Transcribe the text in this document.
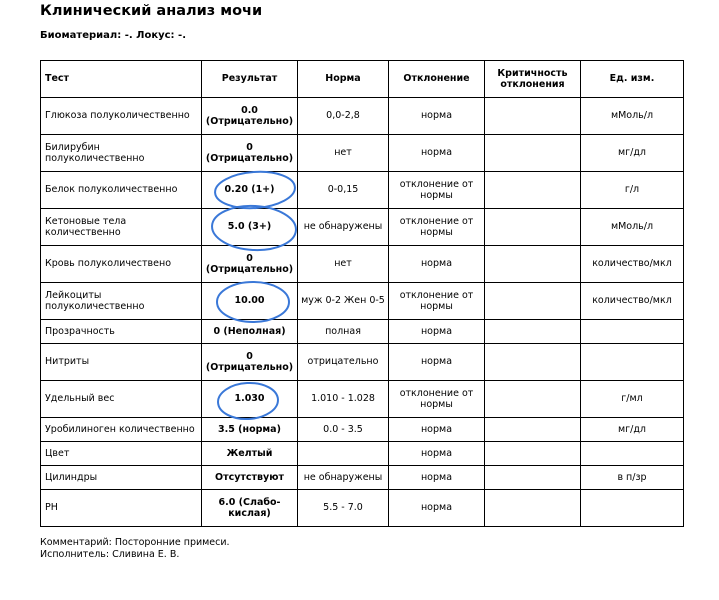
Клинический анализ мочи
Биоматериал: -. Локус: -.
Тест	Результат	Норма	Отклонение	Критичность отклонения	Ед. изм.
Глюкоза полуколичественно	0.0 (Отрицательно)	0,0-2,8	норма		мМоль/л
Билирубин полуколичественно	0 (Отрицательно)	нет	норма		мг/дл
Белок полуколичественно	0.20 (1+)	0-0,15	отклонение от нормы		г/л
Кетоновые тела количественно	5.0 (3+)	не обнаружены	отклонение от нормы		мМоль/л
Кровь полуколичествено	0 (Отрицательно)	нет	норма		количество/мкл
Лейкоциты полуколичественно	10.00	муж 0-2 Жен 0-5	отклонение от нормы		количество/мкл
Прозрачность	0 (Неполная)	полная	норма		
Нитриты	0 (Отрицательно)	отрицательно	норма		
Удельный вес	1.030	1.010 - 1.028	отклонение от нормы		г/мл
Уробилиноген количественно	3.5 (норма)	0.0 - 3.5	норма		мг/дл
Цвет	Желтый		норма		
Цилиндры	Отсутствуют	не обнаружены	норма		в п/зр
PH	6.0 (Слабо-кислая)	5.5 - 7.0	норма		
Комментарий: Посторонние примеси.
Исполнитель: Сливина Е. В.
